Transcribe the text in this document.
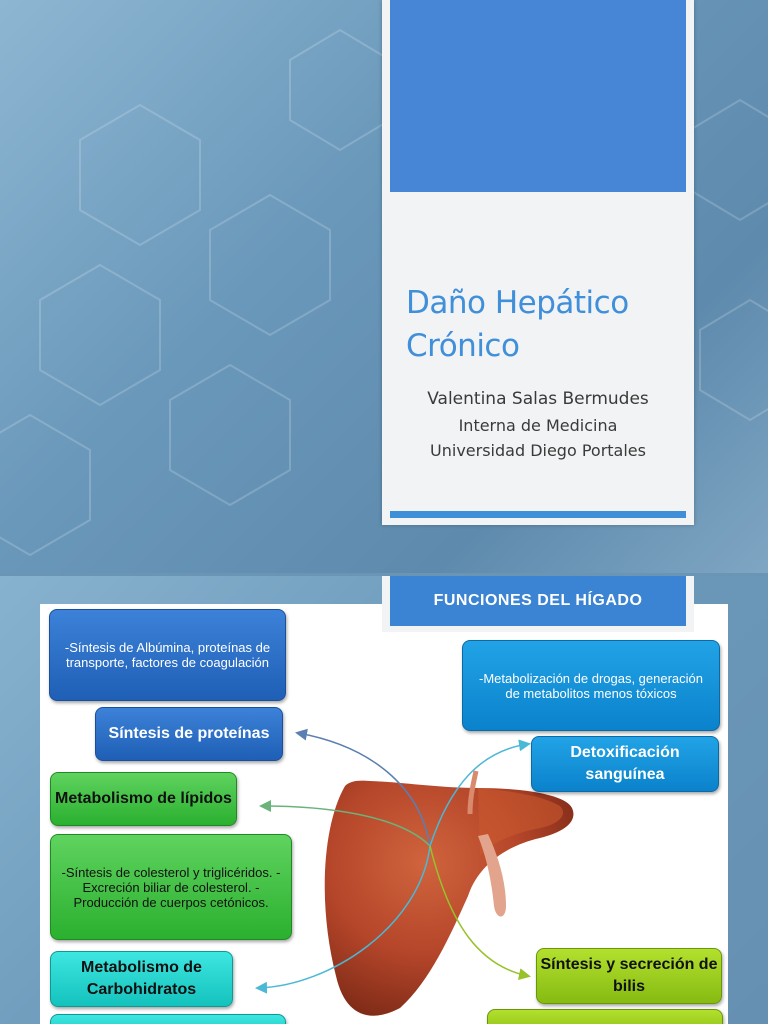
Daño Hepático
Crónico
Valentina Salas Bermudes
Interna de Medicina
Universidad Diego Portales
FUNCIONES DEL HÍGADO
-Síntesis de Albúmina, proteínas de transporte, factores de coagulación
Síntesis de proteínas
Metabolismo de lípidos
-Síntesis de colesterol y triglicéridos. -Excreción biliar de colesterol. -Producción de cuerpos cetónicos.
Metabolismo de Carbohidratos
-Metabolización de drogas, generación de metabolitos menos tóxicos
Detoxificación sanguínea
Síntesis y secreción de bilis
